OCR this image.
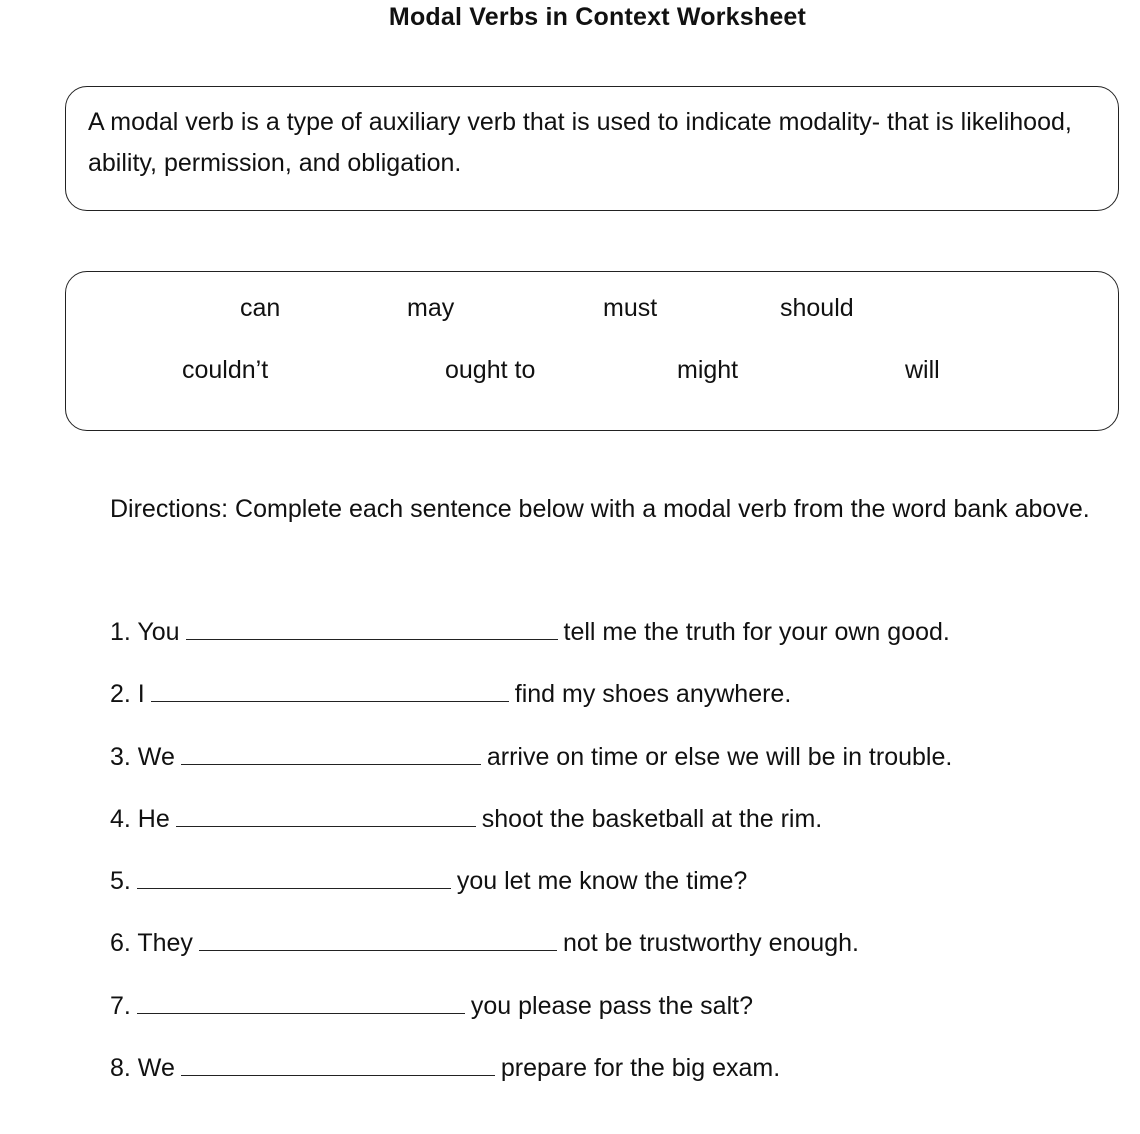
Modal Verbs in Context Worksheet
A modal verb is a type of auxiliary verb that is used to indicate modality- that is likelihood, ability, permission, and obligation.
can	may	must	should
couldn’t	ought to	might	will
Directions: Complete each sentence below with a modal verb from the word bank above.
1. You	tell me the truth for your own good.
2. I	find my shoes anywhere.
3. We	arrive on time or else we will be in trouble.
4. He	shoot the basketball at the rim.
5.	you let me know the time?
6. They	not be trustworthy enough.
7.	you please pass the salt?
8. We	prepare for the big exam.
